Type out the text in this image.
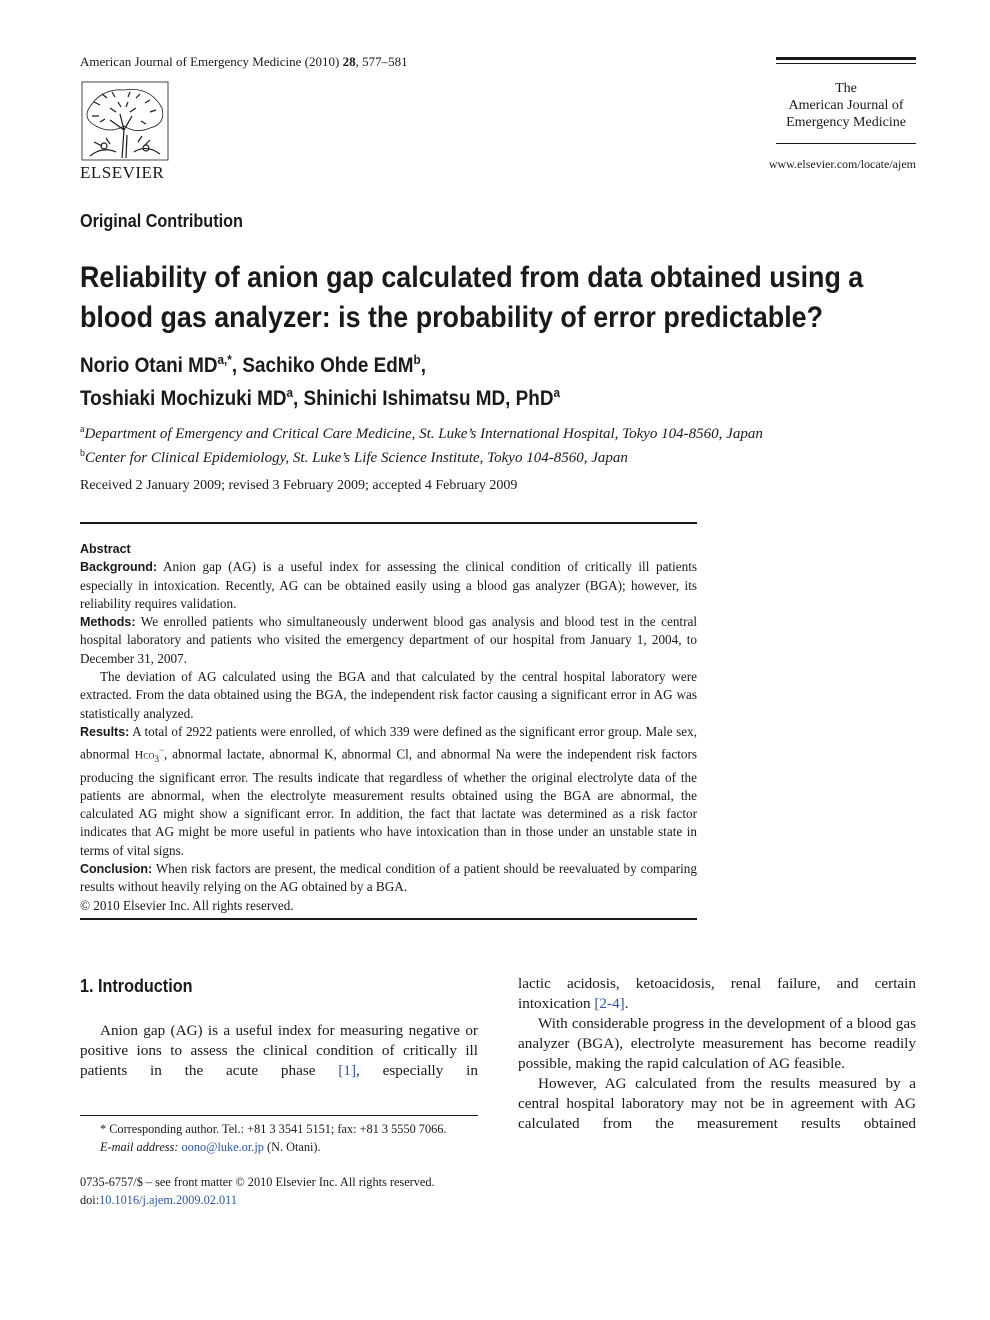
American Journal of Emergency Medicine (2010) 28, 577–581
ELSEVIER
The
American Journal of
Emergency Medicine
www.elsevier.com/locate/ajem
Original Contribution
Reliability of anion gap calculated from data obtained using a blood gas analyzer: is the probability of error predictable?
Norio Otani $MD^{a,*}$, Sachiko Ohde EdM$^b$,
Toshiaki Mochizuki $MD^a$, Shinichi Ishimatsu MD, PhD$^a$
$^a$Department of Emergency and Critical Care Medicine, St. Luke’s International Hospital, Tokyo 104-8560, Japan
$^b$Center for Clinical Epidemiology, St. Luke’s Life Science Institute, Tokyo 104-8560, Japan
Received 2 January 2009; revised 3 February 2009; accepted 4 February 2009

Abstract

Background: Anion gap (AG) is a useful index for assessing the clinical condition of critically ill patients especially in intoxication. Recently, AG can be obtained easily using a blood gas analyzer (BGA); however, its reliability requires validation.

Methods: We enrolled patients who simultaneously underwent blood gas analysis and blood test in the central hospital laboratory and patients who visited the emergency department of our hospital from January 1, 2004, to December 31, 2007.

The deviation of AG calculated using the BGA and that calculated by the central hospital laboratory were extracted. From the data obtained using the BGA, the independent risk factor causing a significant error in AG was statistically analyzed.

Results: A total of 2922 patients were enrolled, of which 339 were defined as the significant error group. Male sex, abnormal Hco$_3$−, abnormal lactate, abnormal K, abnormal Cl, and abnormal Na were the independent risk factors producing the significant error. The results indicate that regardless of whether the original electrolyte data of the patients are abnormal, when the electrolyte measurement results obtained using the BGA are abnormal, the calculated AG might show a significant error. In addition, the fact that lactate was determined as a risk factor indicates that AG might be more useful in patients who have intoxication than in those under an unstable state in terms of vital signs.

Conclusion: When risk factors are present, the medical condition of a patient should be reevaluated by comparing results without heavily relying on the AG obtained by a BGA.

© 2010 Elsevier Inc. All rights reserved.

1. Introduction

Anion gap (AG) is a useful index for measuring negative or positive ions to assess the clinical condition of critically ill patients in the acute phase [1], especially in

lactic acidosis, ketoacidosis, renal failure, and certain intoxication [2-4].

With considerable progress in the development of a blood gas analyzer (BGA), electrolyte measurement has become readily possible, making the rapid calculation of AG feasible.

However, AG calculated from the results measured by a central hospital laboratory may not be in agreement with AG calculated from the measurement results obtained

* Corresponding author. Tel.: +81 3 3541 5151; fax: +81 3 5550 7066.
E-mail address: oono@luke.or.jp (N. Otani).
0735-6757/$ – see front matter © 2010 Elsevier Inc. All rights reserved.
doi:10.1016/j.ajem.2009.02.011
